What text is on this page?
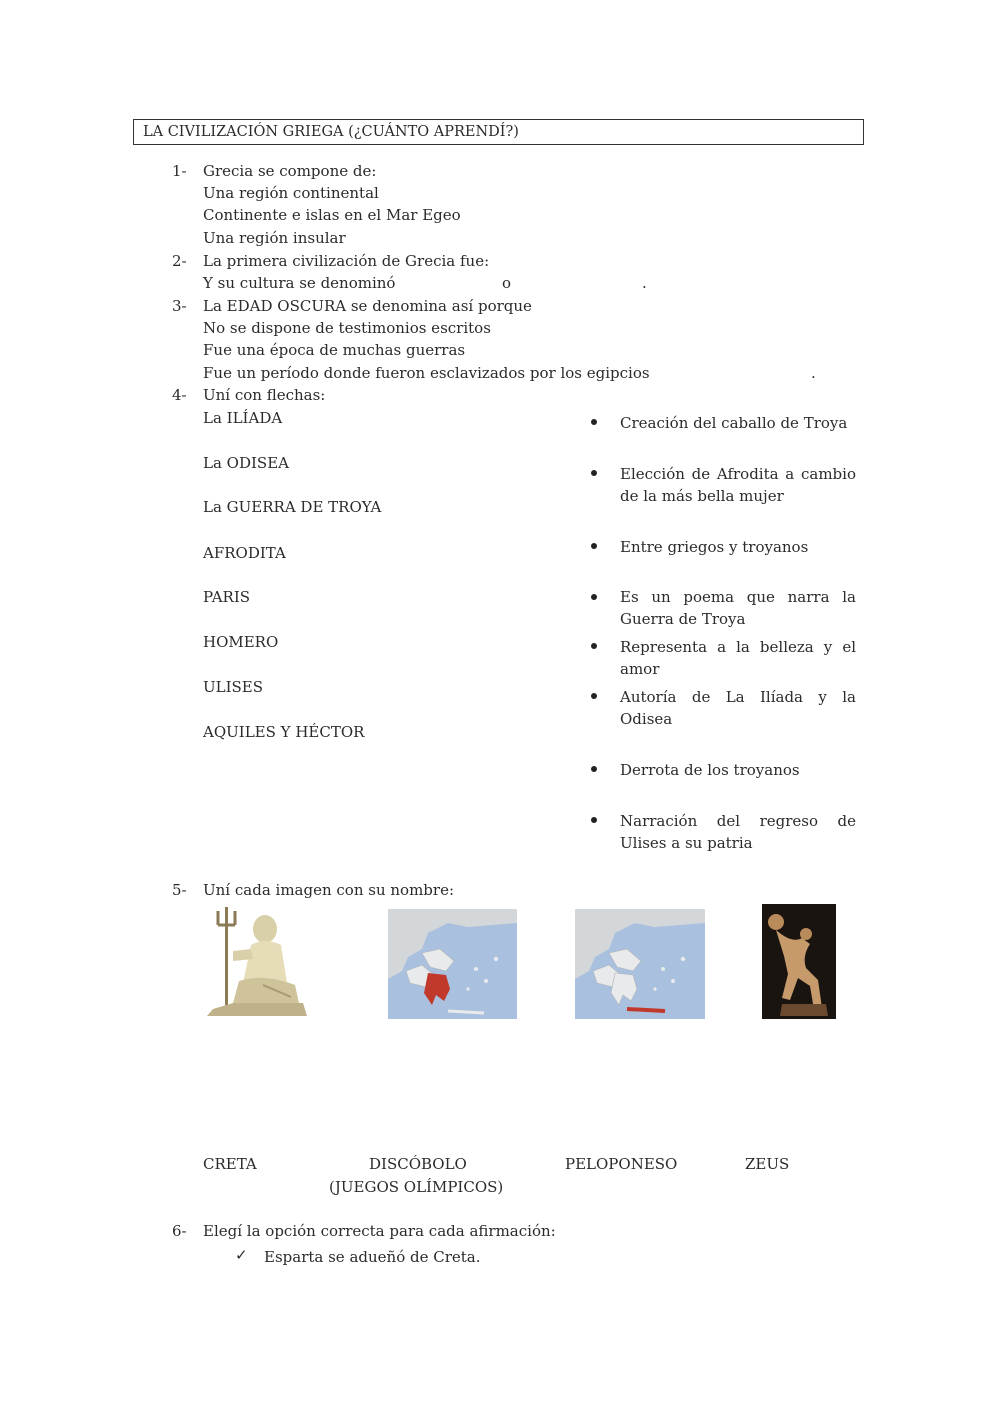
LA CIVILIZACIÓN GRIEGA (¿CUÁNTO APRENDÍ?)
1- Grecia se compone de:
Una región continental
Continente e islas en el Mar Egeo
Una región insular
2- La primera civilización de Grecia fue:
Y su cultura se denominó	o	.
3- La EDAD OSCURA se denomina así porque
No se dispone de testimonios escritos
Fue una época de muchas guerras
Fue un período donde fueron esclavizados por los egipcios	.
4- Uní con flechas:
La ILÍADA
La ODISEA
La GUERRA DE TROYA
AFRODITA
PARIS
HOMERO
ULISES
AQUILES Y HÉCTOR
Creación del caballo de Troya
Elección de Afrodita a cambio de la más bella mujer
Entre griegos y troyanos
Es un poema que narra la Guerra de Troya
Representa a la belleza y el amor
Autoría de La Ilíada y la Odisea
Derrota de los troyanos
Narración del regreso de Ulises a su patria
5- Uní cada imagen con su nombre:
CRETA	DISCÓBOLO
(JUEGOS OLÍMPICOS)
PELOPONESO	ZEUS
6- Elegí la opción correcta para cada afirmación:
✓ Esparta se adueñó de Creta.
